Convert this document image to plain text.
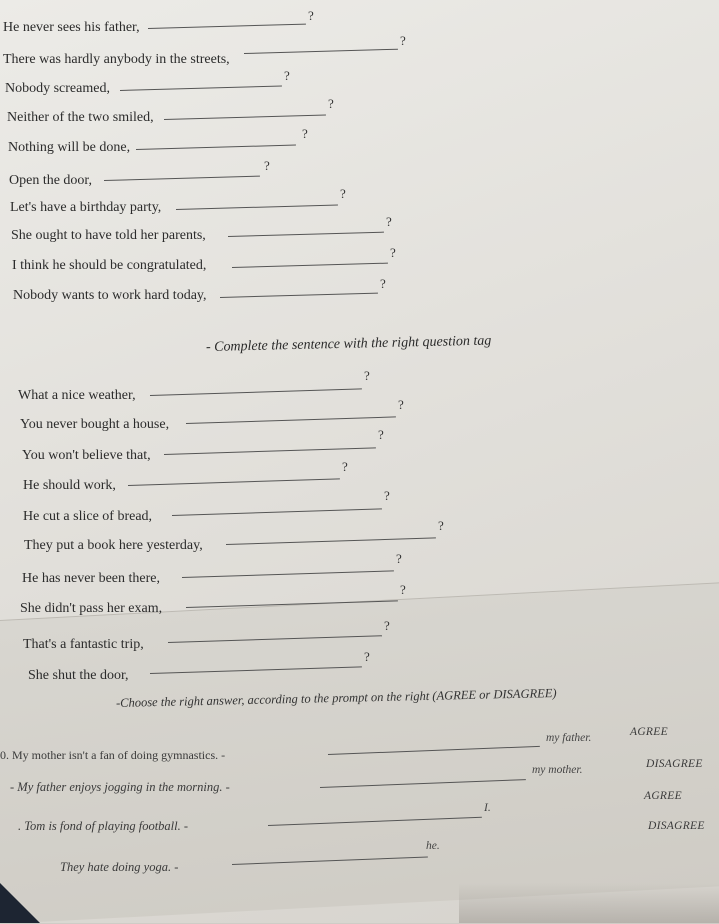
He never sees his father,
?
There was hardly anybody in the streets,
?
Nobody screamed,
?
Neither of the two smiled,
?
Nothing will be done,
?
Open the door,
?
Let's have a birthday party,
?
She ought to have told her parents,
?
I think he should be congratulated,
?
Nobody wants to work hard today,
?
- Complete the sentence with the right question tag
What a nice weather,
?
You never bought a house,
?
You won't believe that,
?
He should work,
?
He cut a slice of bread,
?
They put a book here yesterday,
?
He has never been there,
?
She didn't pass her exam,
?
That's a fantastic trip,
?
She shut the door,
?
-Choose the right answer, according to the prompt on the right (AGREE or DISAGREE)
0. My mother isn't a fan of doing gymnastics. -
my father.	AGREE
- My father enjoys jogging in the morning. -
my mother.	DISAGREE
. Tom is fond of playing football. -
I.
AGREE
They hate doing yoga. -
he.
DISAGREE
